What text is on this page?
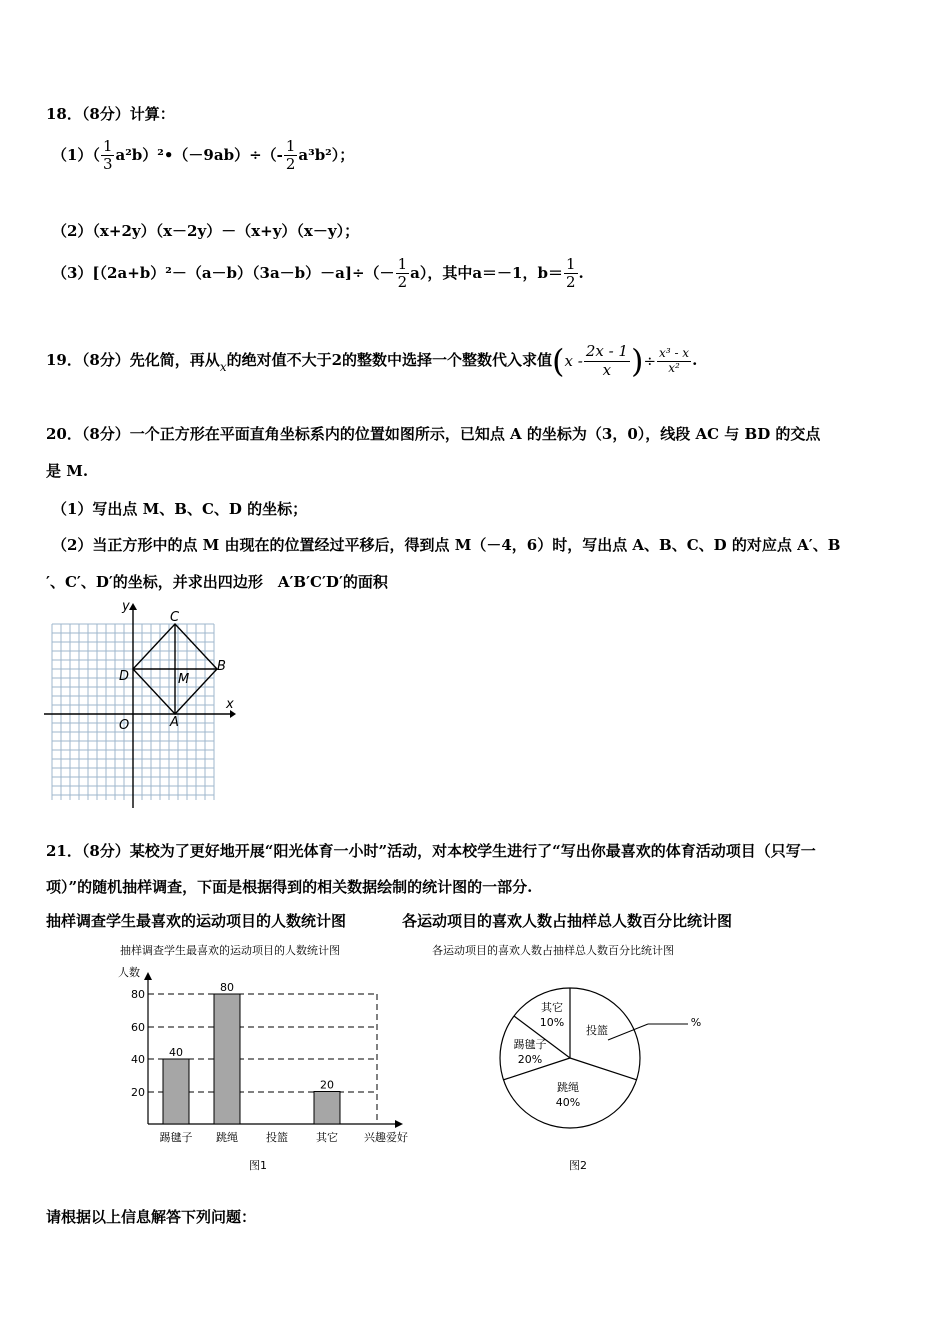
18．（8分）计算：
$(1)( \frac{1}{3}$ a²b）²•（－9ab）÷（- $\frac{1}{2} a^3b^2$）；
（2）（x+2y）（x－2y）－（x+y）（x－y）；
$(3)[(2a+b)^2-(a-b)(3a-b)-a]\div(- \frac{1}{2} a)$，其中a＝－1，$b= \frac{1}{2}$ .
19．（8分）先化简，再从$_x$的绝对值不大于2的整数中选择一个整数代入求值($x - \frac{2x - 1}{x}$ )÷ $\frac{\text{x³ - x}}{\text{x²}}$ .
20．（8分）一个正方形在平面直角坐标系内的位置如图所示，已知点 A 的坐标为（3，0），线段 AC 与 BD 的交点
是 M.
（1）写出点 M、B、C、D 的坐标；
（2）当正方形中的点 M 由现在的位置经过平移后，得到点 M（－4，6）时，写出点 A、B、C、D 的对应点 A′、B
′、C′、D′的坐标，并求出四边形　A′B′C′D′的面积
y
x
O	A
B
C
D	M
21．（8分）某校为了更好地开展“阳光体育一小时”活动，对本校学生进行了“写出你最喜欢的体育活动项目（只写一
项）”的随机抽样调查，下面是根据得到的相关数据绘制的统计图的一部分.
抽样调查学生最喜欢的运动项目的人数统计图	各运动项目的喜欢人数占抽样总人数百分比统计图
抽样调查学生最喜欢的运动项目的人数统计图
人数
80
60
40
20
40
80
20
踢毽子 跳绳	投篮	其它 兴趣爱好
图1
各运动项目的喜欢人数占抽样总人数百分比统计图
投篮
跳绳
40%
踢毽子
20%
其它
10%	%
图2
请根据以上信息解答下列问题：
